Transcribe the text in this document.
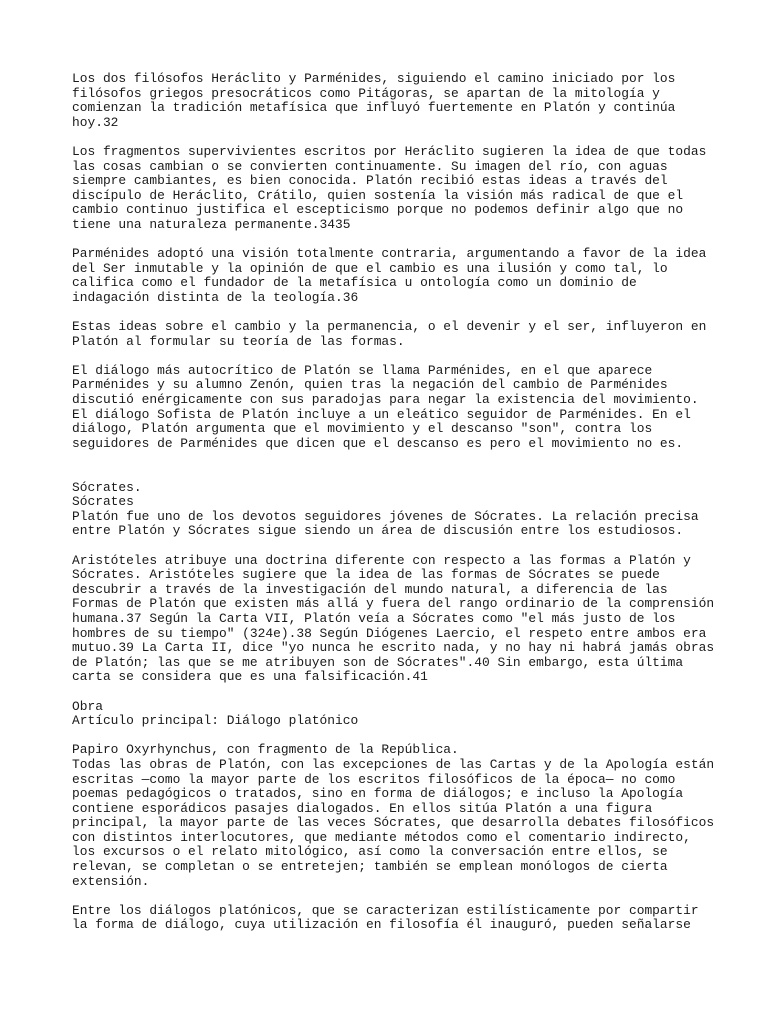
Los dos filósofos Heráclito y Parménides, siguiendo el camino iniciado por los
filósofos griegos presocráticos como Pitágoras, se apartan de la mitología y
comienzan la tradición metafísica que influyó fuertemente en Platón y continúa
hoy.32
Los fragmentos supervivientes escritos por Heráclito sugieren la idea de que todas
las cosas cambian o se convierten continuamente. Su imagen del río, con aguas
siempre cambiantes, es bien conocida. Platón recibió estas ideas a través del
discípulo de Heráclito, Crátilo, quien sostenía la visión más radical de que el
cambio continuo justifica el escepticismo porque no podemos definir algo que no
tiene una naturaleza permanente.3435
Parménides adoptó una visión totalmente contraria, argumentando a favor de la idea
del Ser inmutable y la opinión de que el cambio es una ilusión y como tal, lo
califica como el fundador de la metafísica u ontología como un dominio de
indagación distinta de la teología.36
Estas ideas sobre el cambio y la permanencia, o el devenir y el ser, influyeron en
Platón al formular su teoría de las formas.
El diálogo más autocrítico de Platón se llama Parménides, en el que aparece
Parménides y su alumno Zenón, quien tras la negación del cambio de Parménides
discutió enérgicamente con sus paradojas para negar la existencia del movimiento.
El diálogo Sofista de Platón incluye a un eleático seguidor de Parménides. En el
diálogo, Platón argumenta que el movimiento y el descanso "son", contra los
seguidores de Parménides que dicen que el descanso es pero el movimiento no es.
Sócrates.
Sócrates
Platón fue uno de los devotos seguidores jóvenes de Sócrates. La relación precisa
entre Platón y Sócrates sigue siendo un área de discusión entre los estudiosos.
Aristóteles atribuye una doctrina diferente con respecto a las formas a Platón y
Sócrates. Aristóteles sugiere que la idea de las formas de Sócrates se puede
descubrir a través de la investigación del mundo natural, a diferencia de las
Formas de Platón que existen más allá y fuera del rango ordinario de la comprensión
humana.37 Según la Carta VII, Platón veía a Sócrates como "el más justo de los
hombres de su tiempo" (324e).38 Según Diógenes Laercio, el respeto entre ambos era
mutuo.39 La Carta II, dice "yo nunca he escrito nada, y no hay ni habrá jamás obras
de Platón; las que se me atribuyen son de Sócrates".40 Sin embargo, esta última
carta se considera que es una falsificación.41
Obra
Artículo principal: Diálogo platónico
Papiro Oxyrhynchus, con fragmento de la República.
Todas las obras de Platón, con las excepciones de las Cartas y de la Apología están
escritas —como la mayor parte de los escritos filosóficos de la época— no como
poemas pedagógicos o tratados, sino en forma de diálogos; e incluso la Apología
contiene esporádicos pasajes dialogados. En ellos sitúa Platón a una figura
principal, la mayor parte de las veces Sócrates, que desarrolla debates filosóficos
con distintos interlocutores, que mediante métodos como el comentario indirecto,
los excursos o el relato mitológico, así como la conversación entre ellos, se
relevan, se completan o se entretejen; también se emplean monólogos de cierta
extensión.
Entre los diálogos platónicos, que se caracterizan estilísticamente por compartir
la forma de diálogo, cuya utilización en filosofía él inauguró, pueden señalarse
